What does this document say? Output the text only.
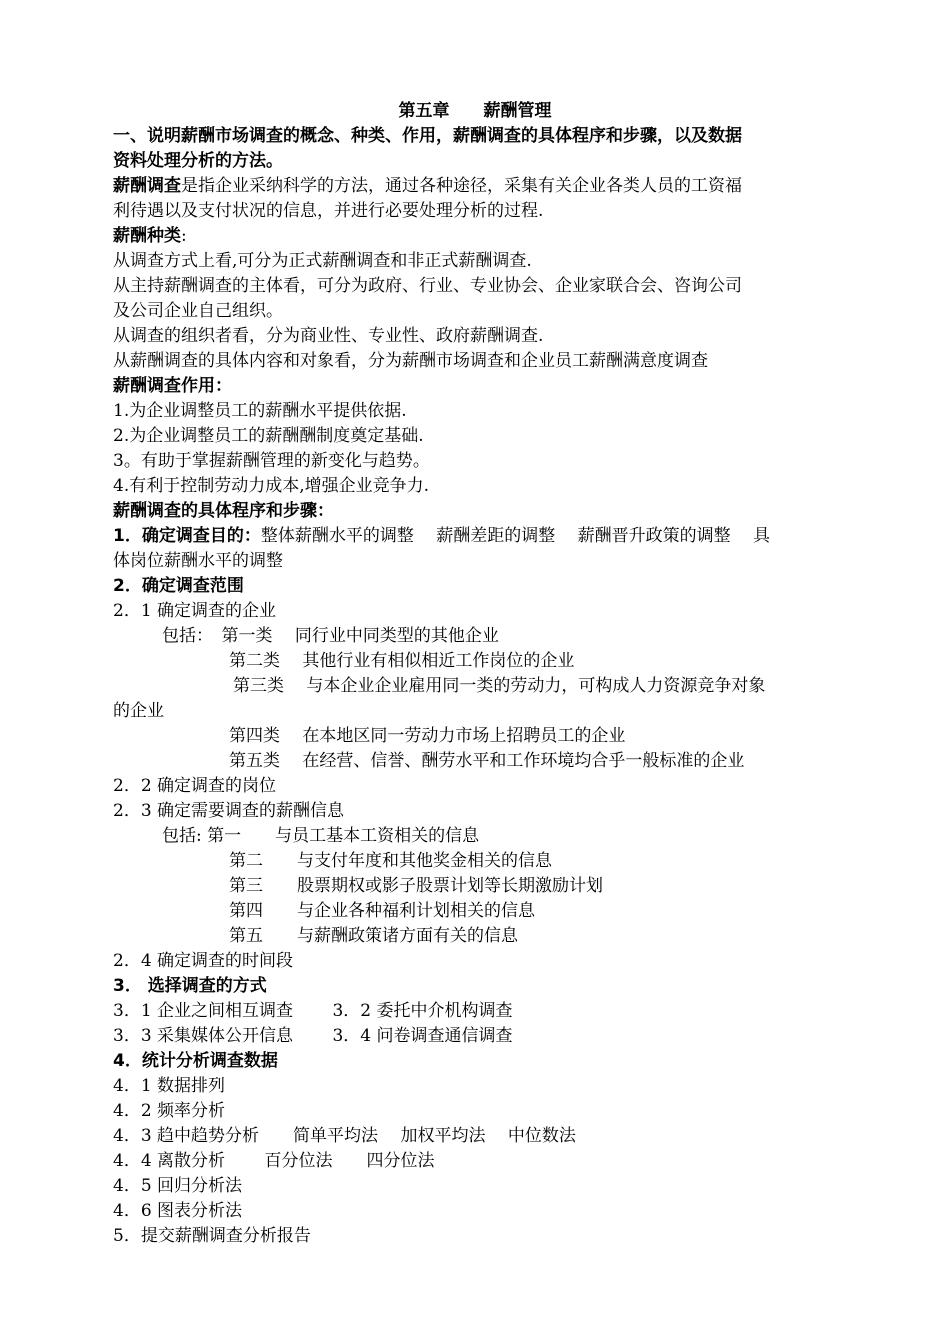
第五章　　薪酬管理
一、说明薪酬市场调查的概念、种类、作用，薪酬调查的具体程序和步骤，以及数据
资料处理分析的方法。
薪酬调查是指企业采纳科学的方法，通过各种途径，采集有关企业各类人员的工资福
利待遇以及支付状况的信息，并进行必要处理分析的过程.
薪酬种类:
从调查方式上看,可分为正式薪酬调查和非正式薪酬调查.
从主持薪酬调查的主体看，可分为政府、行业、专业协会、企业家联合会、咨询公司
及公司企业自己组织。
从调查的组织者看，分为商业性、专业性、政府薪酬调查.
从薪酬调查的具体内容和对象看，分为薪酬市场调查和企业员工薪酬满意度调查
薪酬调查作用：
1.为企业调整员工的薪酬水平提供依据.
2.为企业调整员工的薪酬酬制度奠定基础.
3。有助于掌握薪酬管理的新变化与趋势。
4.有利于控制劳动力成本,增强企业竞争力.
薪酬调查的具体程序和步骤：
1．确定调查目的：整体薪酬水平的调整　 薪酬差距的调整　 薪酬晋升政策的调整　 具
体岗位薪酬水平的调整
2．确定调查范围
2．1 确定调查的企业
包括：　第一类　 同行业中同类型的其他企业
第二类　 其他行业有相似相近工作岗位的企业
第三类　 与本企业企业雇用同一类的劳动力，可构成人力资源竞争对象
的企业
第四类　 在本地区同一劳动力市场上招聘员工的企业
第五类　 在经营、信誉、酬劳水平和工作环境均合乎一般标准的企业
2．2 确定调查的岗位
2．3 确定需要调查的薪酬信息
包括: 第一　　与员工基本工资相关的信息
第二　　与支付年度和其他奖金相关的信息
第三　　股票期权或影子股票计划等长期激励计划
第四　　与企业各种福利计划相关的信息
第五　　与薪酬政策诸方面有关的信息
2．4 确定调查的时间段
3． 选择调查的方式
3．1 企业之间相互调查　　 3．2 委托中介机构调查
3．3 采集媒体公开信息　　 3．4 问卷调查通信调查
4．统计分析调查数据
4．1 数据排列
4．2 频率分析
4．3 趋中趋势分析　　简单平均法　 加权平均法　 中位数法
4．4 离散分析　　 百分位法　　四分位法
4．5 回归分析法
4．6 图表分析法
5．提交薪酬调查分析报告
